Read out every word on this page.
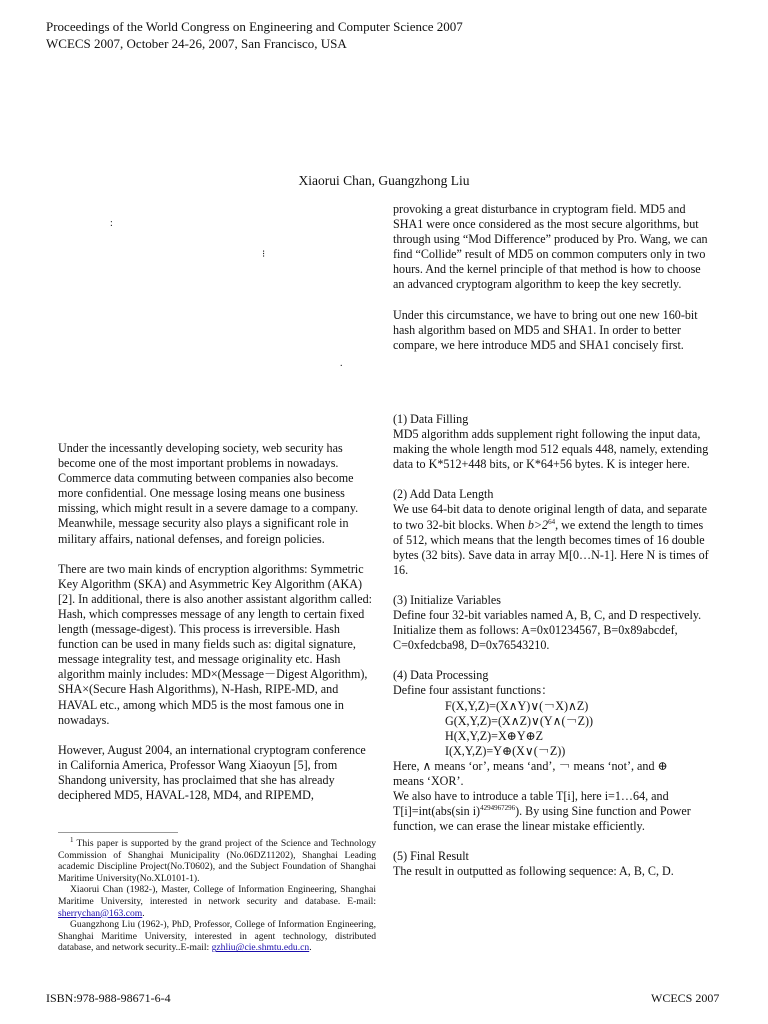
Proceedings of the World Congress on Engineering and Computer Science 2007
WCECS 2007, October 24-26, 2007, San Francisco, USA
Xiaorui Chan, Guangzhong Liu
:
⁝
.

Under the incessantly developing society, web security has become one of the most important problems in nowadays. Commerce data commuting between companies also become more confidential. One message losing means one business missing, which might result in a severe damage to a company. Meanwhile, message security also plays a significant role in military affairs, national defenses, and foreign policies.

There are two main kinds of encryption algorithms: Symmetric Key Algorithm (SKA) and Asymmetric Key Algorithm (AKA) [2]. In additional, there is also another assistant algorithm called: Hash, which compresses message of any length to certain fixed length (message-digest). This process is irreversible. Hash function can be used in many fields such as: digital signature, message integrality test, and message originality etc. Hash algorithm mainly includes: MD×(Message－Digest Algorithm), SHA×(Secure Hash Algorithms), N-Hash, RIPE-MD, and HAVAL etc., among which MD5 is the most famous one in nowadays.

However, August 2004, an international cryptogram conference in California America, Professor Wang Xiaoyun [5], from Shandong university, has proclaimed that she has already deciphered MD5, HAVAL-128, MD4, and RIPEMD,

$^1$ This paper is supported by the grand project of the Science and Technology Commission of Shanghai Municipality (No.06DZ11202), Shanghai Leading academic Discipline Project(No.T0602), and the Subject Foundation of Shanghai Maritime University(No.XL0101-1).

Xiaorui Chan (1982-), Master, College of Information Engineering, Shanghai Maritime University, interested in network security and database. E-mail: sherrychan@163.com.

Guangzhong Liu (1962-), PhD, Professor, College of Information Engineering, Shanghai Maritime University, interested in agent technology, distributed database, and network security..E-mail: gzhliu@cie.shmtu.edu.cn.

provoking a great disturbance in cryptogram field. MD5 and SHA1 were once considered as the most secure algorithms, but through using “Mod Difference” produced by Pro. Wang, we can find “Collide” result of MD5 on common computers only in two hours. And the kernel principle of that method is how to choose an advanced cryptogram algorithm to keep the key secretly.

Under this circumstance, we have to bring out one new 160-bit hash algorithm based on MD5 and SHA1. In order to better compare, we here introduce MD5 and SHA1 concisely first.

(1) Data Filling

MD5 algorithm adds supplement right following the input data, making the whole length mod 512 equals 448, namely, extending data to K*512+448 bits, or K*64+56 bytes. K is integer here.

(2) Add Data Length

We use 64-bit data to denote original length of data, and separate to two 32-bit blocks. When $b>2^{64}$, we extend the length to times of 512, which means that the length becomes times of 16 double bytes (32 bits). Save data in array M[0…N-1]. Here N is times of 16.

(3) Initialize Variables

Define four 32-bit variables named A, B, C, and D respectively. Initialize them as follows: A=0x01234567, B=0x89abcdef, C=0xfedcba98, D=0x76543210.

(4) Data Processing

Define four assistant functions：

F(X,Y,Z)=(X∧Y)∨(￢X)∧Z)

G(X,Y,Z)=(X∧Z)∨(Y∧(￢Z))

H(X,Y,Z)=X⊕Y⊕Z

I(X,Y,Z)=Y⊕(X∨(￢Z))

Here, ∧ means ‘or’, means ‘and’, ￢ means ‘not’, and ⊕

means ‘XOR’.

We also have to introduce a table T[i], here i=1…64, and T[i]=int(abs(sin i)$^{4294967296}$). By using Sine function and Power function, we can erase the linear mistake efficiently.

(5) Final Result

The result in outputted as following sequence: A, B, C, D.

ISBN:978-988-98671-6-4	WCECS 2007
